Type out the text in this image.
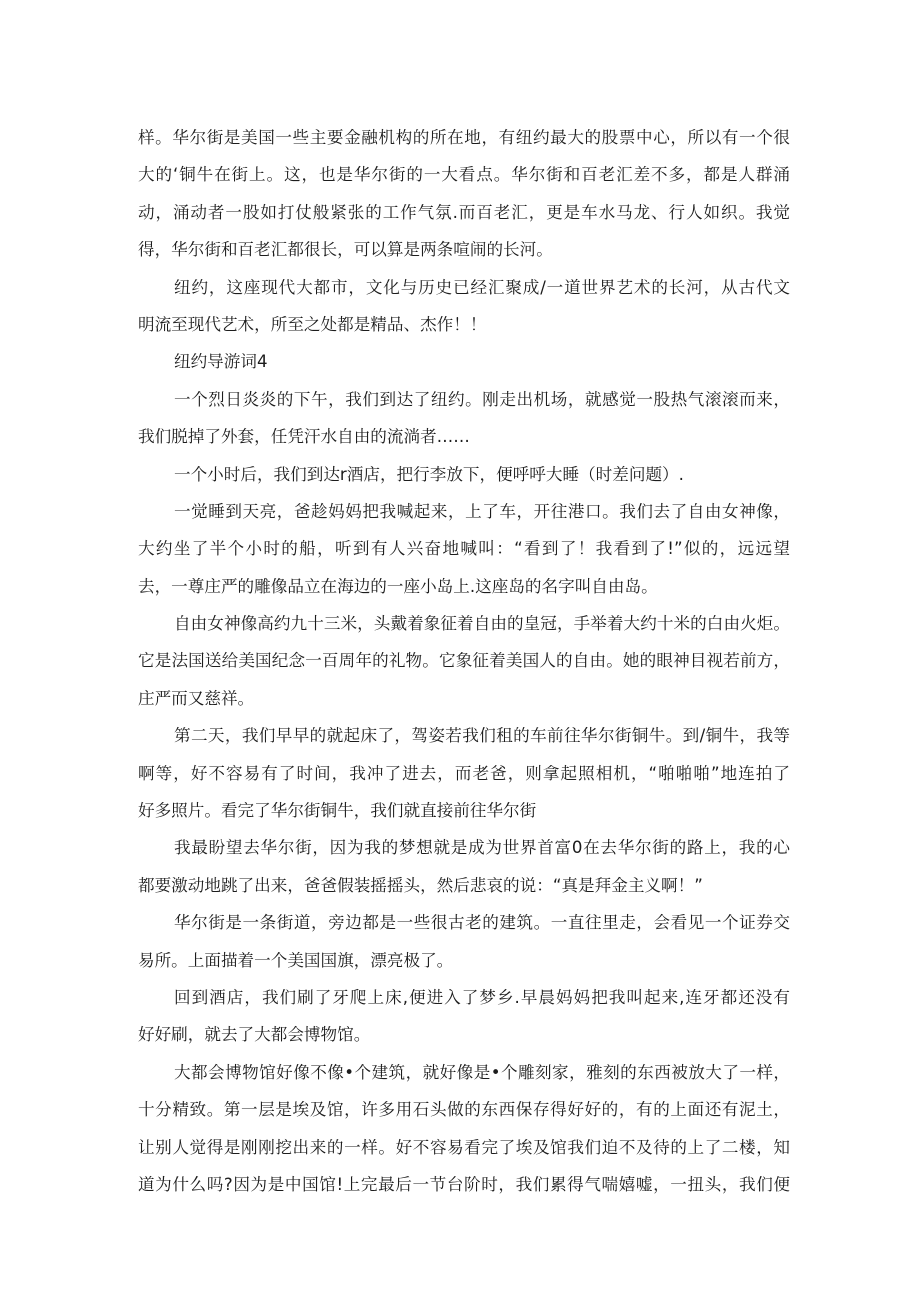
样。华尔街是美国一些主要金融机构的所在地，有纽约最大的股票中心，所以有一个很
大的‘铜牛在街上。这，也是华尔街的一大看点。华尔街和百老汇差不多，都是人群涌
动，涌动者一股如打仗般紧张的工作气氛.而百老汇，更是车水马龙、行人如织。我觉
得，华尔街和百老汇都很长，可以算是两条喧闹的长河。
纽约，这座现代大都市，文化与历史已经汇聚成/一道世界艺术的长河，从古代文
明流至现代艺术，所至之处都是精品、杰作！！
纽约导游词4
一个烈日炎炎的下午，我们到达了纽约。刚走出机场，就感觉一股热气滚滚而来，
我们脱掉了外套，任凭汗水自由的流淌者……
一个小时后，我们到达r酒店，把行李放下，便呼呼大睡（时差问题）.
一觉睡到天亮，爸趁妈妈把我喊起来，上了车，开往港口。我们去了自由女神像，
大约坐了半个小时的船，听到有人兴奋地喊叫：“看到了！我看到了!”似的，远远望
去，一尊庄严的雕像品立在海边的一座小岛上.这座岛的名字叫自由岛。
自由女神像高约九十三米，头戴着象征着自由的皇冠，手举着大约十米的白由火炬。
它是法国送给美国纪念一百周年的礼物。它象征着美国人的自由。她的眼神目视若前方，
庄严而又慈祥。
第二天，我们早早的就起床了，驾姿若我们租的车前往华尔街铜牛。到/铜牛，我等
啊等，好不容易有了时间，我冲了进去，而老爸，则拿起照相机，“啪啪啪”地连拍了
好多照片。看完了华尔街铜牛，我们就直接前往华尔街
我最盼望去华尔街，因为我的梦想就是成为世界首富0在去华尔街的路上，我的心
都要激动地跳了出来，爸爸假装摇摇头，然后悲哀的说：“真是拜金主义啊！”
华尔街是一条街道，旁边都是一些很古老的建筑。一直往里走，会看见一个证券交
易所。上面描着一个美国国旗，漂亮极了。
回到酒店，我们刷了牙爬上床,便进入了梦乡.早晨妈妈把我叫起来,连牙都还没有
好好刷，就去了大都会博物馆。
大都会博物馆好像不像•个建筑，就好像是•个雕刻家，雅刻的东西被放大了一样，
十分精致。第一层是埃及馆，许多用石头做的东西保存得好好的，有的上面还有泥土，
让别人觉得是刚刚挖出来的一样。好不容易看完了埃及馆我们迫不及待的上了二楼，知
道为什么吗?因为是中国馆!上完最后一节台阶时，我们累得气喘嬉嘘，一扭头，我们便
